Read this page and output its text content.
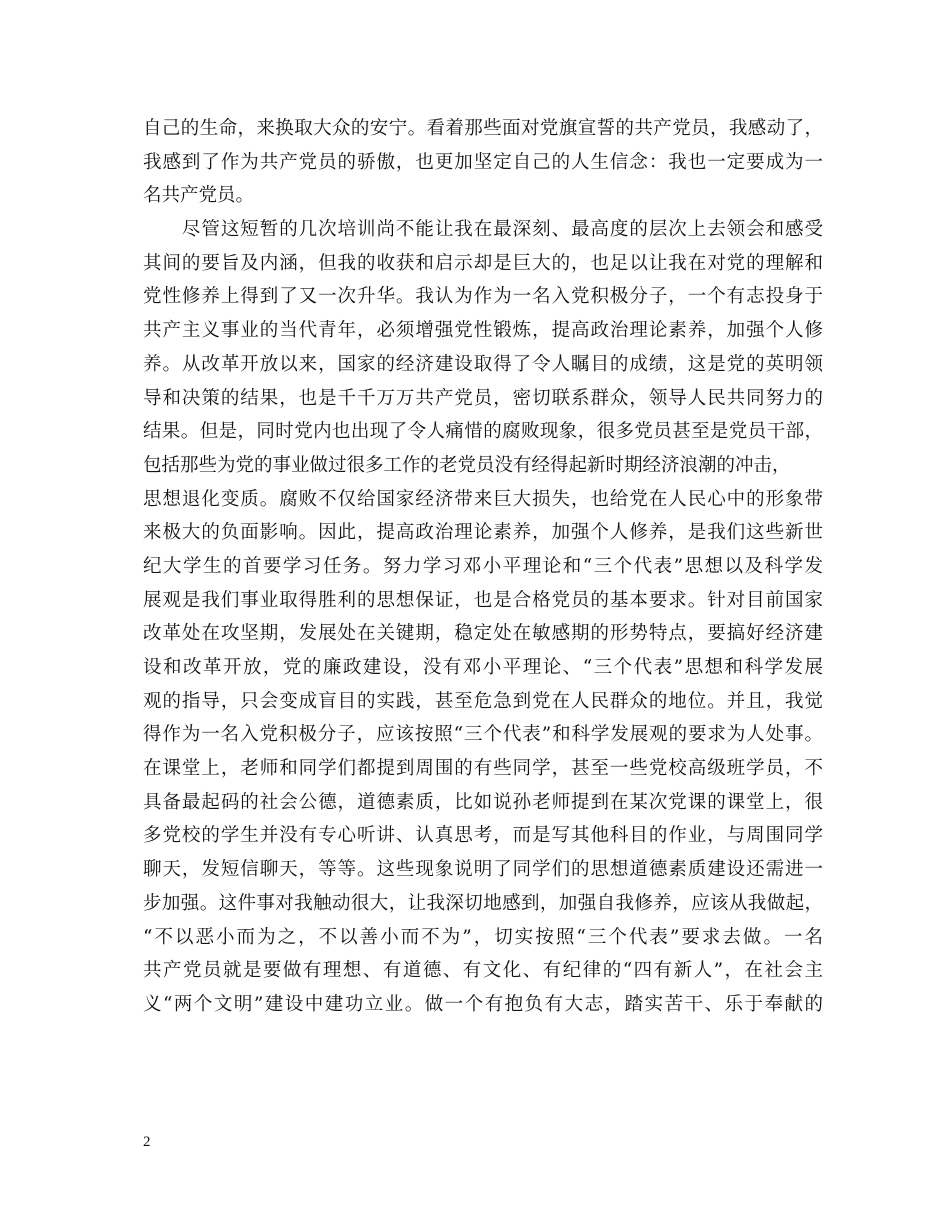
自己的生命，来换取大众的安宁。看着那些面对党旗宣誓的共产党员，我感动了，
我感到了作为共产党员的骄傲，也更加坚定自己的人生信念：我也一定要成为一
名共产党员。
　　尽管这短暂的几次培训尚不能让我在最深刻、最高度的层次上去领会和感受
其间的要旨及内涵，但我的收获和启示却是巨大的，也足以让我在对党的理解和
党性修养上得到了又一次升华。我认为作为一名入党积极分子，一个有志投身于
共产主义事业的当代青年，必须增强党性锻炼，提高政治理论素养，加强个人修
养。从改革开放以来，国家的经济建设取得了令人瞩目的成绩，这是党的英明领
导和决策的结果，也是千千万万共产党员，密切联系群众，领导人民共同努力的
结果。但是，同时党内也出现了令人痛惜的腐败现象，很多党员甚至是党员干部，
包括那些为党的事业做过很多工作的老党员没有经得起新时期经济浪潮的冲击，
思想退化变质。腐败不仅给国家经济带来巨大损失，也给党在人民心中的形象带
来极大的负面影响。因此，提高政治理论素养，加强个人修养，是我们这些新世
纪大学生的首要学习任务。努力学习邓小平理论和“三个代表”思想以及科学发
展观是我们事业取得胜利的思想保证，也是合格党员的基本要求。针对目前国家
改革处在攻坚期，发展处在关键期，稳定处在敏感期的形势特点，要搞好经济建
设和改革开放，党的廉政建设，没有邓小平理论、“三个代表”思想和科学发展
观的指导，只会变成盲目的实践，甚至危急到党在人民群众的地位。并且，我觉
得作为一名入党积极分子，应该按照“三个代表”和科学发展观的要求为人处事。
在课堂上，老师和同学们都提到周围的有些同学，甚至一些党校高级班学员，不
具备最起码的社会公德，道德素质，比如说孙老师提到在某次党课的课堂上，很
多党校的学生并没有专心听讲、认真思考，而是写其他科目的作业，与周围同学
聊天，发短信聊天，等等。这些现象说明了同学们的思想道德素质建设还需进一
步加强。这件事对我触动很大，让我深切地感到，加强自我修养，应该从我做起，
“不以恶小而为之，不以善小而不为”，切实按照“三个代表”要求去做。一名
共产党员就是要做有理想、有道德、有文化、有纪律的“四有新人”，在社会主
义“两个文明”建设中建功立业。做一个有抱负有大志，踏实苦干、乐于奉献的
2
